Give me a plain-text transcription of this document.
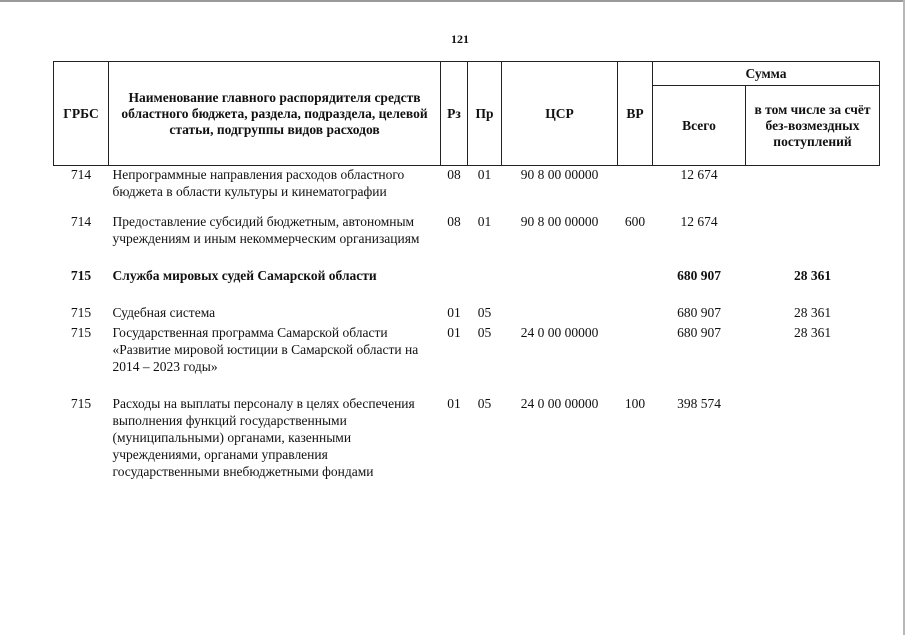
121
ГРБС	Наименование главного распорядителя средств областного бюджета, раздела, подраздела, целевой статьи, подгруппы видов расходов	Рз	Пр	ЦСР	ВР	Сумма	
						Всего	в том числе за счёт без-возмездных поступлений
714	Непрограммные направления расходов областного бюджета в области культуры и кинематографии	08	01	90 8 00 00000		12 674	
714	Предоставление субсидий бюджетным, автономным учреждениям и иным некоммерческим организациям	08	01	90 8 00 00000	600	12 674	
715	Служба мировых судей Самарской области					680 907	28 361
715	Судебная система	01	05			680 907	28 361
715	Государственная программа Самарской области «Развитие мировой юстиции в Самарской области на 2014 – 2023 годы»	01	05	24 0 00 00000		680 907	28 361
715	Расходы на выплаты персоналу в целях обеспечения выполнения функций государственными (муниципальными) органами, казенными учреждениями, органами управления государственными внебюджетными фондами	01	05	24 0 00 00000	100	398 574	
